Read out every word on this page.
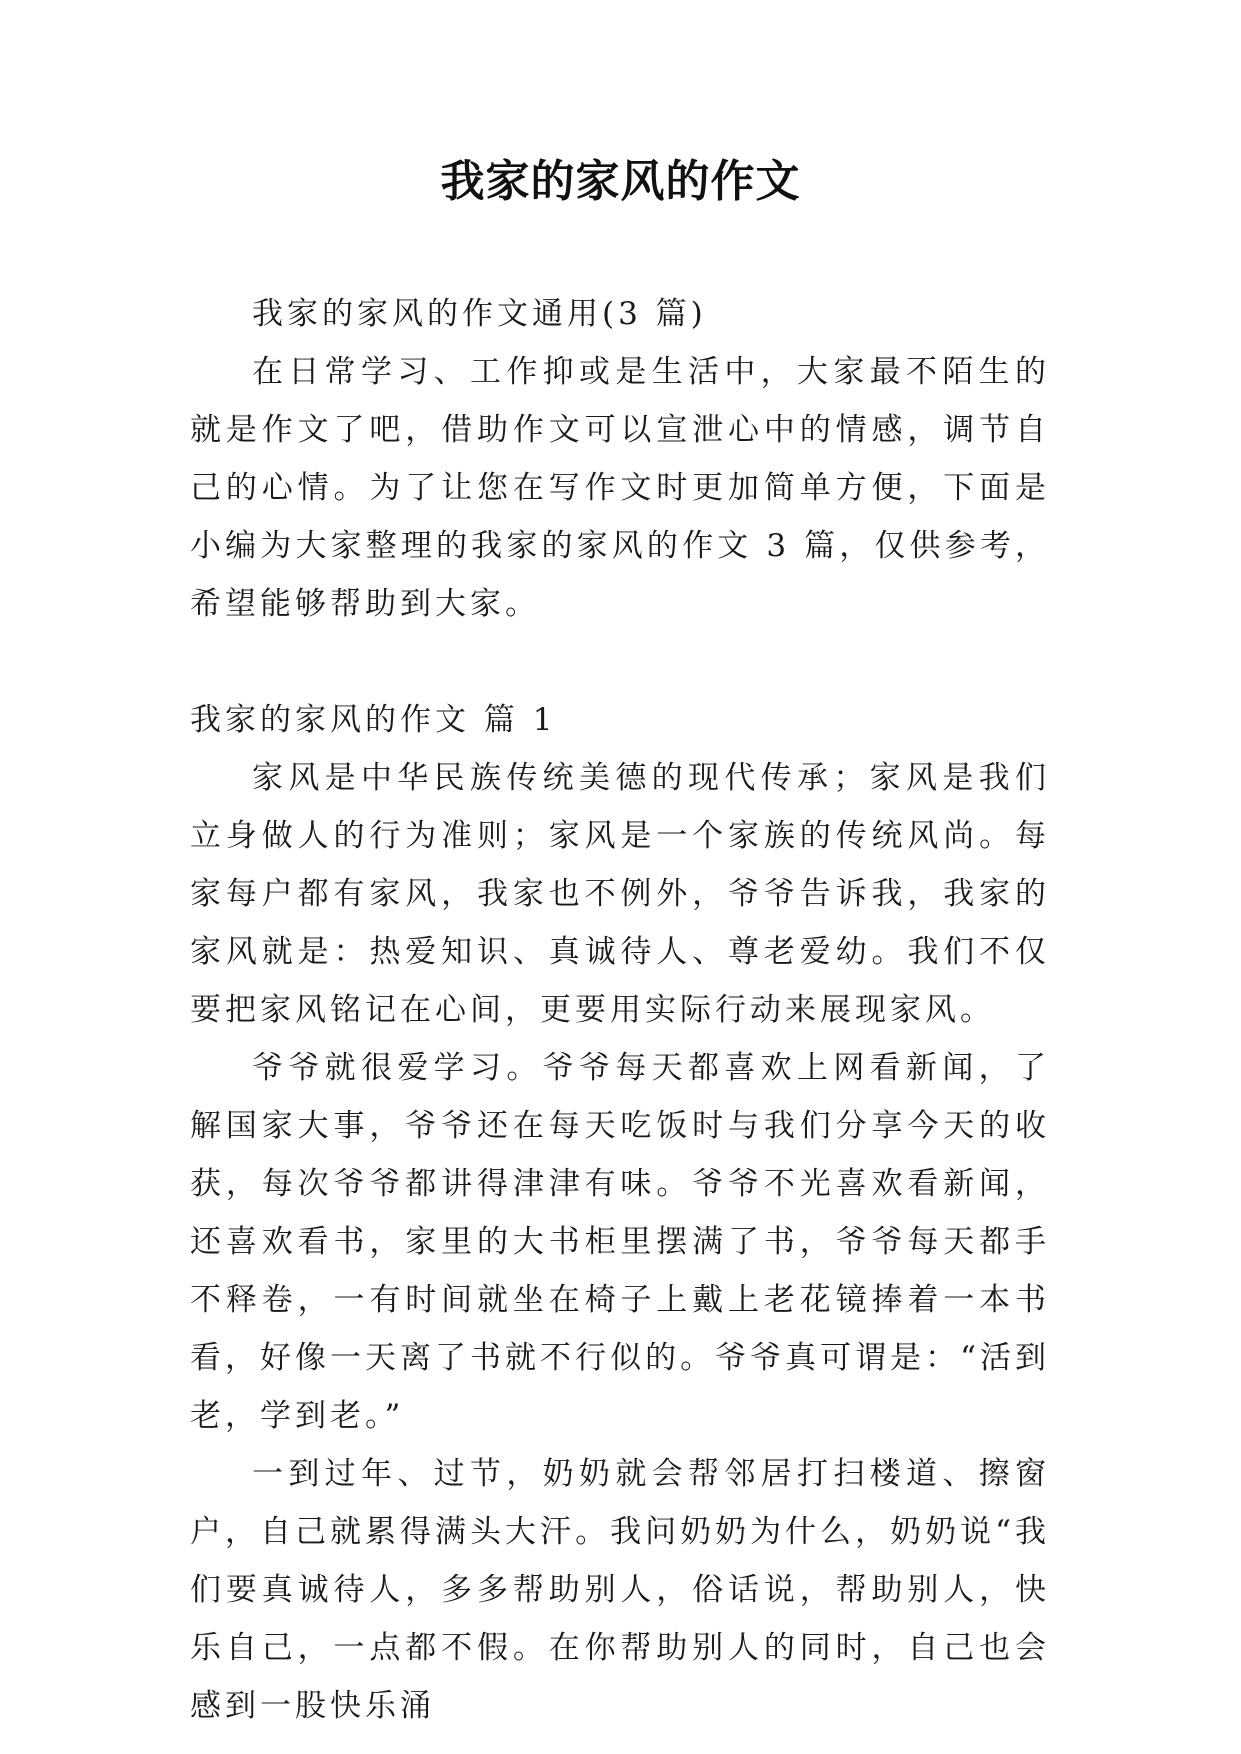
我家的家风的作文

我家的家风的作文通用(3 篇)

在日常学习、工作抑或是生活中，大家最不陌生的就是作文了吧，借助作文可以宣泄心中的情感，调节自己的心情。为了让您在写作文时更加简单方便，下面是小编为大家整理的我家的家风的作文 3 篇，仅供参考，希望能够帮助到大家。

我家的家风的作文 篇 1

家风是中华民族传统美德的现代传承；家风是我们立身做人的行为准则；家风是一个家族的传统风尚。每家每户都有家风，我家也不例外，爷爷告诉我，我家的家风就是：热爱知识、真诚待人、尊老爱幼。我们不仅要把家风铭记在心间，更要用实际行动来展现家风。

爷爷就很爱学习。爷爷每天都喜欢上网看新闻，了解国家大事，爷爷还在每天吃饭时与我们分享今天的收获，每次爷爷都讲得津津有味。爷爷不光喜欢看新闻，还喜欢看书，家里的大书柜里摆满了书，爷爷每天都手不释卷，一有时间就坐在椅子上戴上老花镜捧着一本书看，好像一天离了书就不行似的。爷爷真可谓是：“活到老，学到老。”

一到过年、过节，奶奶就会帮邻居打扫楼道、擦窗户，自己就累得满头大汗。我问奶奶为什么，奶奶说“我们要真诚待人，多多帮助别人，俗话说，帮助别人，快乐自己，一点都不假。在你帮助别人的同时，自己也会感到一股快乐涌
